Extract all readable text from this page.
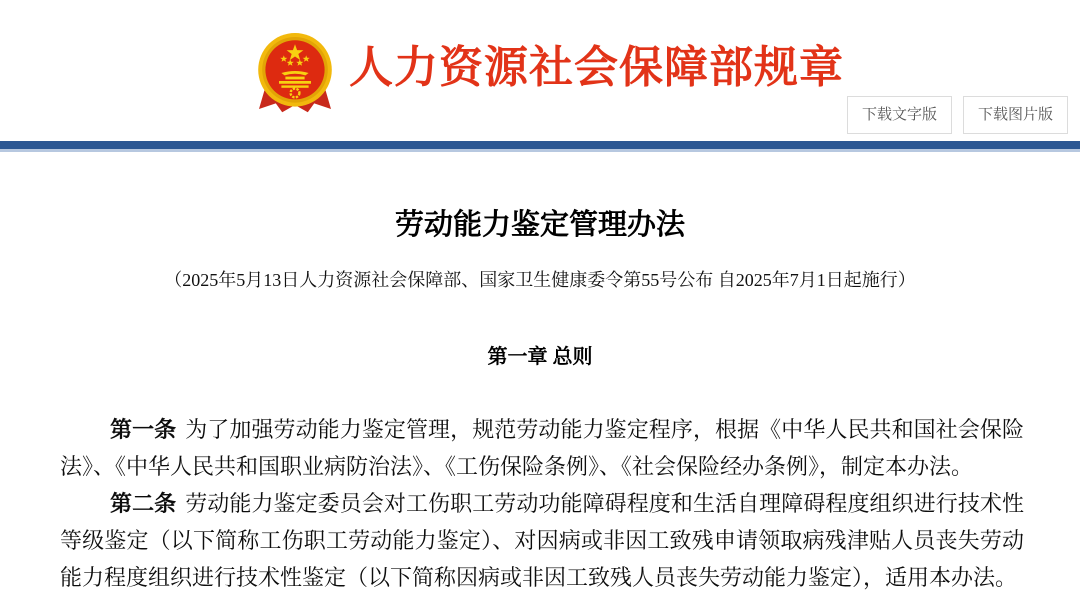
人力资源社会保障部规章
下载文字版	下载图片版
劳动能力鉴定管理办法
（2025年5月13日人力资源社会保障部、国家卫生健康委令第55号公布 自2025年7月1日起施行）
第一章 总则

第一条 为了加强劳动能力鉴定管理，规范劳动能力鉴定程序，根据《中华人民共和国社会保险法》、《中华人民共和国职业病防治法》、《工伤保险条例》、《社会保险经办条例》，制定本办法。

第二条 劳动能力鉴定委员会对工伤职工劳动功能障碍程度和生活自理障碍程度组织进行技术性等级鉴定（以下简称工伤职工劳动能力鉴定）、对因病或非因工致残申请领取病残津贴人员丧失劳动能力程度组织进行技术性鉴定（以下简称因病或非因工致残人员丧失劳动能力鉴定），适用本办法。
